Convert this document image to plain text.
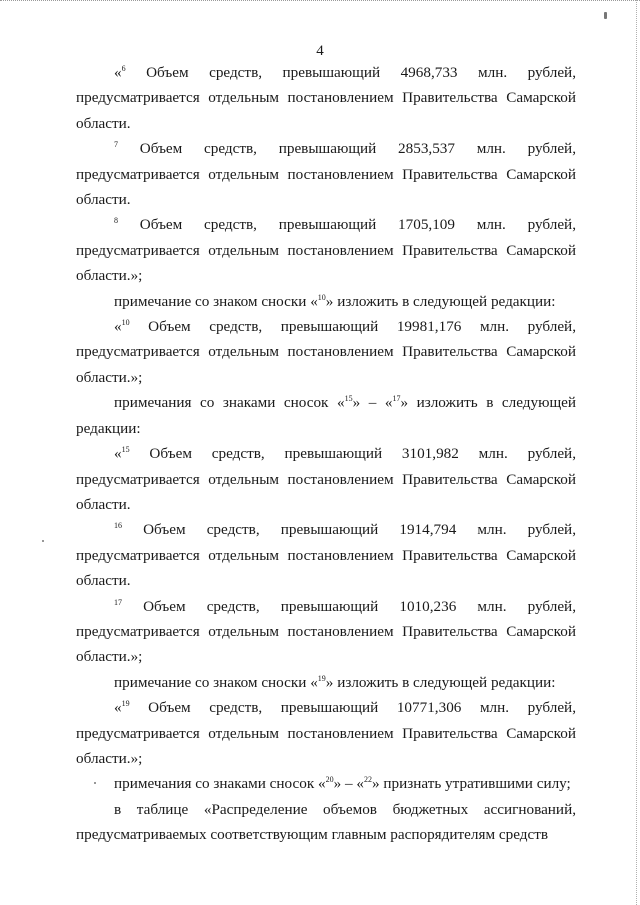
4

«$^6$ Объем средств, превышающий 4968,733 млн. рублей, предусматривается отдельным постановлением Правительства Самарской области.

$^7$ Объем средств, превышающий 2853,537 млн. рублей, предусматривается отдельным постановлением Правительства Самарской области.

$^8$ Объем средств, превышающий 1705,109 млн. рублей, предусматривается отдельным постановлением Правительства Самарской области.»;

примечание со знаком сноски «$^{10}$» изложить в следующей редакции:

«$^{10}$ Объем средств, превышающий 19981,176 млн. рублей, предусматривается отдельным постановлением Правительства Самарской области.»;

примечания со знаками сносок «$^{15}$» – «$^{17}$» изложить в следующей редакции:

«$^{15}$ Объем средств, превышающий 3101,982 млн. рублей, предусматривается отдельным постановлением Правительства Самарской области.

$^{16}$ Объем средств, превышающий 1914,794 млн. рублей, предусматривается отдельным постановлением Правительства Самарской области.

$^{17}$ Объем средств, превышающий 1010,236 млн. рублей, предусматривается отдельным постановлением Правительства Самарской области.»;

примечание со знаком сноски «$^{19}$» изложить в следующей редакции:

«$^{19}$ Объем средств, превышающий 10771,306 млн. рублей, предусматривается отдельным постановлением Правительства Самарской области.»;

примечания со знаками сносок «$^{20}$» – «$^{22}$» признать утратившими силу;

в таблице «Распределение объемов бюджетных ассигнований, предусматриваемых соответствующим главным распорядителям средств
